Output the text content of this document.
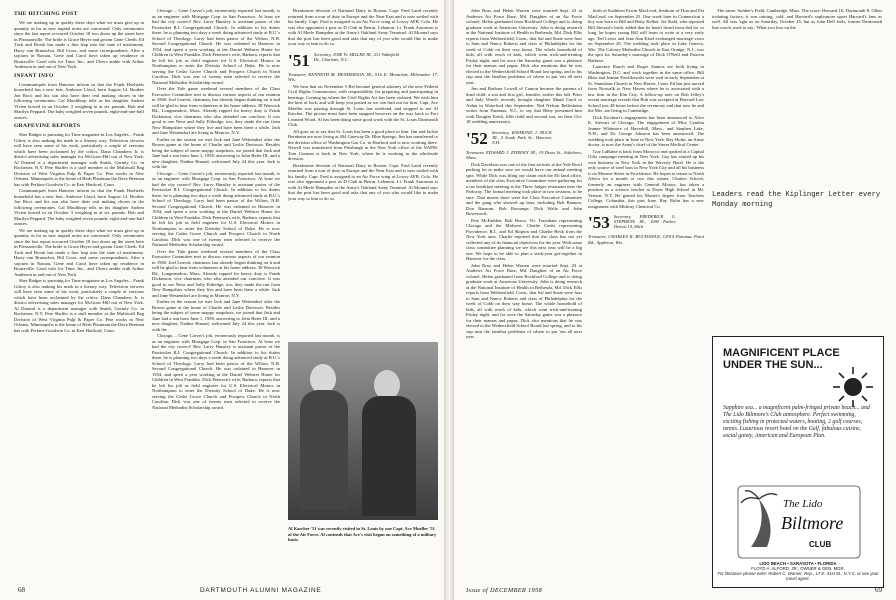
THE HITCHING POST

We are making up in quality these days what we must give up in quantity as far as new nuptial notes are concerned. Only ceremonies since the last report occurred October 18 two doors up the street here in Pleasantville. The bride is Grace Heyer and groom Gene Cleeth. Ed Tuck and Brook has made a fine leap into the state of matrimony. Harry van Brunschot, Bill Cross, and some correspondents. After a sojourn in Nassau, Gene and Carol have taken up residence in Bronxville. Carol toils for Time, Inc., and Ulcers amble with Arthur Anderson in and out of New York.

INFANT INFO

Communiqués from Hanover inform us that the Frank Hoeltzels household has a new heir, Ambrose Lloyd, born August 14. Brother Jon Ricci and his son also have their real making chores in the following ceremonies. Cal Moulthrop tells us his daughter Andrea Vivien bowed in on October 3 weighing in at six pounds. Bob and Marilyn Peppard. The baby weighed seven pounds, eight-and-one-half ounces.

GRAPEVINE REPORTS

Sher Badger is pursuing for Time magazine in Los Angeles... Frank Gilroy is also making his mark in a literary way. Television viewers will have seen some of his work, particularly a couple of versions which have been acclaimed by the critics. Dana Chambers Jr. is district advertising sales manager for McGraw-Hill out of New York. Al Durand is a department manager with Smith, Gormly Co. in Rochester, N.Y. Pete Shaffer is a staff member at the Multiwall Bag Division of West Virginia Pulp & Paper Co. Pete works in New Orleans. Minneapolis is the home of Herb Plautman the Dave Beeman has with Perkins-Goodwin Co. in East Hartford, Conn.

Communiqués from Hanover inform us that the Frank Hoeltzels household has a new heir, Ambrose Lloyd, born August 14. Brother Jon Ricci and his son also have their real making chores in the following ceremonies. Cal Moulthrop tells us his daughter Andrea Vivien bowed in on October 3 weighing in at six pounds. Bob and Marilyn Peppard. The baby weighed seven pounds, eight-and-one-half ounces.

We are making up in quality these days what we must give up in quantity as far as new nuptial notes are concerned. Only ceremonies since the last report occurred October 18 two doors up the street here in Pleasantville. The bride is Grace Heyer and groom Gene Cleeth. Ed Tuck and Brook has made a fine leap into the state of matrimony. Harry van Brunschot, Bill Cross, and some correspondents. After a sojourn in Nassau, Gene and Carol have taken up residence in Bronxville. Carol toils for Time, Inc., and Ulcers amble with Arthur Anderson in and out of New York.

Sher Badger is pursuing for Time magazine in Los Angeles... Frank Gilroy is also making his mark in a literary way. Television viewers will have seen some of his work, particularly a couple of versions which have been acclaimed by the critics. Dana Chambers Jr. is district advertising sales manager for McGraw-Hill out of New York. Al Durand is a department manager with Smith, Gormly Co. in Rochester, N.Y. Pete Shaffer is a staff member at the Multiwall Bag Division of West Virginia Pulp & Paper Co. Pete works in New Orleans. Minneapolis is the home of Herb Plautman the Dave Beeman has with Perkins-Goodwin Co. in East Hartford, Conn.

Chicago.... Gene Carver's job, erroneously reported last month, is as an engineer with Mortgage Corp. in San Francisco. At least we had the city correct! Rev. Larry Hunsley is assistant pastor of the Pawtucket R.I. Congregational Church. In addition to his duties there, he is planning two days a week doing advanced study at B.U.'s School of Theology. Larry had been pastor of the Wilton, N.H. Second Congregational Church. He was ordained in Hanover in 1954, and spent a year working at the Daniel Webster Home for Children in West Franklin. Dick Petersen's wife, Barbara, reports that he left his job as field engineer for U.S. Electrical Motors in Northampton to enter the Divinity School of Duke. He is now serving the Cedar Grove Church and Prospect Church in North Carolina. Dick was one of twenty men selected to receive the National Methodist Scholarship award.

Over the Yale game weekend several members of the Class Executive Committee met to discuss various aspects of our reunion in 1960. Joel Leavitt, chairman, has already begun thinking on it and will be glad to hear from volunteers at his home address, 38 Warwick Rd., Longmeadow, Mass. Already rapped for heavy duty is Frank Dickinson, vice chairman, who also attended our conclave. It was good to see Newt and Sally Eldredge, too; they made the run from New Hampshire where they live and have been there a while. Jack and Jane Westendorf are living in Monroe, N.Y.

Earlier in the season we met Jack and Jane Wettendorf after the Brown game at the home of Charlie and Leslie Davisson. Besides being the subject of some snappy snapshots, we joined that Jack and Jane had a son born June 1, 1958, answering to John Hafer III, and a new daughter, Nadine Rinaud, welcomed July 24 this year. Jack is with the

Chicago.... Gene Carver's job, erroneously reported last month, is as an engineer with Mortgage Corp. in San Francisco. At least we had the city correct! Rev. Larry Hunsley is assistant pastor of the Pawtucket R.I. Congregational Church. In addition to his duties there, he is planning two days a week doing advanced study at B.U.'s School of Theology. Larry had been pastor of the Wilton, N.H. Second Congregational Church. He was ordained in Hanover in 1954, and spent a year working at the Daniel Webster Home for Children in West Franklin. Dick Petersen's wife, Barbara, reports that he left his job as field engineer for U.S. Electrical Motors in Northampton to enter the Divinity School of Duke. He is now serving the Cedar Grove Church and Prospect Church in North Carolina. Dick was one of twenty men selected to receive the National Methodist Scholarship award.

Over the Yale game weekend several members of the Class Executive Committee met to discuss various aspects of our reunion in 1960. Joel Leavitt, chairman, has already begun thinking on it and will be glad to hear from volunteers at his home address, 38 Warwick Rd., Longmeadow, Mass. Already rapped for heavy duty is Frank Dickinson, vice chairman, who also attended our conclave. It was good to see Newt and Sally Eldredge, too; they made the run from New Hampshire where they live and have been there a while. Jack and Jane Westendorf are living in Monroe, N.Y.

Earlier in the season we met Jack and Jane Wettendorf after the Brown game at the home of Charlie and Leslie Davisson. Besides being the subject of some snappy snapshots, we joined that Jack and Jane had a son born June 1, 1958, answering to John Hafer III, and a new daughter, Nadine Rinaud, welcomed July 24 this year. Jack is with the

Chicago.... Gene Carver's job, erroneously reported last month, is as an engineer with Mortgage Corp. in San Francisco. At least we had the city correct! Rev. Larry Hunsley is assistant pastor of the Pawtucket R.I. Congregational Church. In addition to his duties there, he is planning two days a week doing advanced study at B.U.'s School of Theology. Larry had been pastor of the Wilton, N.H. Second Congregational Church. He was ordained in Hanover in 1954, and spent a year working at the Daniel Webster Home for Children in West Franklin. Dick Petersen's wife, Barbara, reports that he left his job as field engineer for U.S. Electrical Motors in Northampton to enter the Divinity School of Duke. He is now serving the Cedar Grove Church and Prospect Church in North Carolina. Dick was one of twenty men selected to receive the National Methodist Scholarship award.

Breakstone division of National Dairy in Boston. Capt. Fred Laird recently returned from a tour of duty in Europe and the Near East and is now settled with his family. Capt. Fred is assigned to an Air Force wing at Lowry AFB, Colo. He was also appointed a post as D Club in Beirut, Lebanon. Lt. Frank Aaronson is with Al Merle Hampden at the Army's Oakland Army Terminal. Al Morand says that the post has been good and asks that any of you who would like to make your way to him to do so.

'51 Secretary, JOSE W. MILLER JR., 231 Wakefield Dr., Charlotte, N.C.

Treasurer, KENNETH M. HENDERSON JR., 916 E. Montclair, Milwaukee 17, Wis.

We hear that on November 5 Bel became general attorney of the new Federal Civil Rights Commission, with responsibility for preparing and participating in hearings. Coming up where the Civil Rights Act has been violated. We wish him the best of luck, and will keep you posted as we can find out for him. Capt. Ace Mueller was passing through St. Louis last weekend, and stopped to see Al Karcher. The picture must have been snapped however on the way back to Fort Leonard Wood. Al has been doing some good work with the St. Louis Dartmouth Club.

All goes on to say that St. Louis has been a good place to him. Jim and Jackie Bernheim are now living at 404 Gateway Dr. Blue Springs. Jim has transferred to the division office of Washington Gas Co. in Hartford and is now working there. Newell was transferred from Pittsburgh to the New York office of the NAPM. Tom Gorman is back in New York, where he is working in the wholesale division.

Breakstone division of National Dairy in Boston. Capt. Fred Laird recently returned from a tour of duty in Europe and the Near East and is now settled with his family. Capt. Fred is assigned to an Air Force wing at Lowry AFB, Colo. He was also appointed a post as D Club in Beirut, Lebanon. Lt. Frank Aaronson is with Al Merle Hampden at the Army's Oakland Army Terminal. Al Morand says that the post has been good and asks that any of you who would like to make your way to him to do so.

Al Karcher '51 was recently visited in St. Louis by one Capt. Ace Mueller '51 of the Air Force. Al contends that Ace's visit began on something of a military basis.
68	DARTMOUTH ALUMNI MAGAZINE

John Ross and Helen Warren were married Sept. 23 at Andrews Air Force Base, Md. Daughter of an Air Force colonel, Helen graduated from Rockford College and is doing graduate work at American University. John is doing research at the National Institute of Health in Bethesda, Md. Dick Ellis reports from Wethersfield, Conn., that Sal and Susie were four to Sam and Nancy Roberts and class of Philadelphia for the week of Cobb on their way home. The whole household of kids, all with reach of kids, which went trick-and-treating Friday night, and for once the Saturday game was a pleasure for their mamas and papas. Dick also mentions that he was elected to the Wethersfield School Board last spring, and to his cup runs the familiar problems of where to put 'em all next year.

Jim and Barbara Lowell of Canton became the parents of third child, a son and first girl, Jennifer, earlier this fall. Peter and Judy Ward's recently brought daughter Maud Carol to Aidan in Waterford this September. Ned Nelson Bellesheim writes from Paramus, N.J., to say that Betty presented him with Douglas Keith, fifth child and second son, on their Oct. 18 wedding anniversary.

'52 Secretary, RAYMOND J. BUCK JR., 5 South Park St., Hanover, N.H.

Treasurer, EDWARD J. ZYIEFKY JR., 19 Dean St., Attleboro, Mass.

Dick Davidson was one of the first arrivals at the Yale Bowl parking lot to make sure we would have our annual meeting spot. While Dick was filing our claim with the Eli land office, members of the class Executive Committee were gathering for a tax breakfast meeting at the Three Judges restaurant near the Parkway. The formal meeting took place in two sessions, to be sure. That means there were the Class Executive Committee and the gang who showed up later, including Bob Bannon, Don Ransom, Bob Bossange, Dick Waltz and John Bowersock.

Pete McFadden, Bob Brace, Vic Traynham representing Chicago and the Midwest. Charlie Curtis representing Providence, R.I., and Ed Skipton and Charlie Heck from the New York area. Charlie reported that the class has not yet collected any of its financial objectives for the year. With some class committee planning we see this next year will be a big one. We hope to be able to plan a sixth-year get-together in Hanover for the class.

John Ross and Helen Warren were married Sept. 23 at Andrews Air Force Base, Md. Daughter of an Air Force colonel, Helen graduated from Rockford College and is doing graduate work at American University. John is doing research at the National Institute of Health in Bethesda, Md. Dick Ellis reports from Wethersfield, Conn., that Sal and Susie were four to Sam and Nancy Roberts and class of Philadelphia for the week of Cobb on their way home. The whole household of kids, all with reach of kids, which went trick-and-treating Friday night, and for once the Saturday game was a pleasure for their mamas and papas. Dick also mentions that he was elected to the Wethersfield School Board last spring, and to his cup runs the familiar problems of where to put 'em all next year.

birth of Kathleen Erwin MacLeod, firstborn of Don and Pat MacLeod, on September 25. One week later in Connecticut a boy was born to Bill and Betty Kelker. Jes Stahl, who reported Bill Stewart's birth, added that he hasn't heard from dad for so long, he hopes young Bill will learn to write at a very early age. Ted Lewis and Jane Ann Kisel exchanged marriage vows on September 20. The wedding took place in Lake Geneva, Wis. The Calvary Methodist Church in East Orange, N.J., was the spot for Saturday's marriage of Dick O'Neill and Patricia Barbour.

Laurence Rauch and Roger Stamos are both living in Washington, D.C. and work together in the same office. Bill Blair and Jeanne Pawlikowski were wed in early September at St. Stanislaus Church in New Haven, Conn. Ed has just moved from Norwalk to New Haven where he is associated with a law firm in the Elm City. A follow-up note on Bob Jelley's recent marriage reveals that Bob was accepted at Harvard Law School just 48 hours before the ceremony and that now he and the Mrs. are living in Cambridge.

Dick Kirchner's engagement has been announced to Alice K. Stewart of Chicago. The engagement of Miss Cynthia Jeanne Whitmore of Haverhill, Mass., and Stephen Lake, N.H., and Dr. George Johnson has been announced. The wedding took place in June in New York. Ray Holm, an Army doctor, is now the Army's chief of the Sierra Medical Center.

Guy LaRaine is back from Morocco and spotted at a Capital Gifts campaign meeting in New York. Guy has started up his own business in New York in the Waverly Hotel. He is the only source of steel bars in New York City and all his business is on Monroe Street in Providence. He hopes to return to North Africa for a month or two this winter. Charles Schoch, formerly an engineer with General Motors, has taken a position as a science teacher at Davis High School in Mt. Vernon, N.Y. He gained his Master's degree from Teachers College, Columbia, this past June. Ray Bolin has a new assignment with Midway Chemical Co.

'53 Secretary, FREDERICK G. STEPHENS JR., 1090 Parker, Detroit 14, Mich.

Treasurer, CHARLES R. BUCHANAN, 12914 Potomac Point Rd., Appleton, Wis.

The same: Soldier's Field, Cambridge, Mass. The score: Harvard 16, Dartmouth 8. Other irritating factors: it was raining, cold, and Harvard's sophomore upset Harvard's fans as well. All was 'agin us on Saturday, October 25, but as John Dell feels, former Dartmouth line coach, used to say: 'What you lose on the

Leaders read the Kiplinger Letter every Monday morning
MAGNIFICENT PLACE UNDER THE SUN...
Sapphire sea... a magnificent palm-fringed private beach... and The Lido Biltmore's Club atmosphere. Perfect swimming, exciting fishing in protected waters, boating, 2 golf courses, tennis. Luxurious resort hotel on the Gulf, fabulous cuisine, social gaiety, American and European Plan.
The Lido
Biltmore
CLUB
LIDO BEACH • SARASOTA • FLORIDA
FLOYD A. ALFORD, JR., OWNER & GEN. MGR.
For literature please write: Robert C. Warner, Rep., 17 E. 41st St., N.Y.C. or see your travel agent.
Issue of DECEMBER 1958	69
